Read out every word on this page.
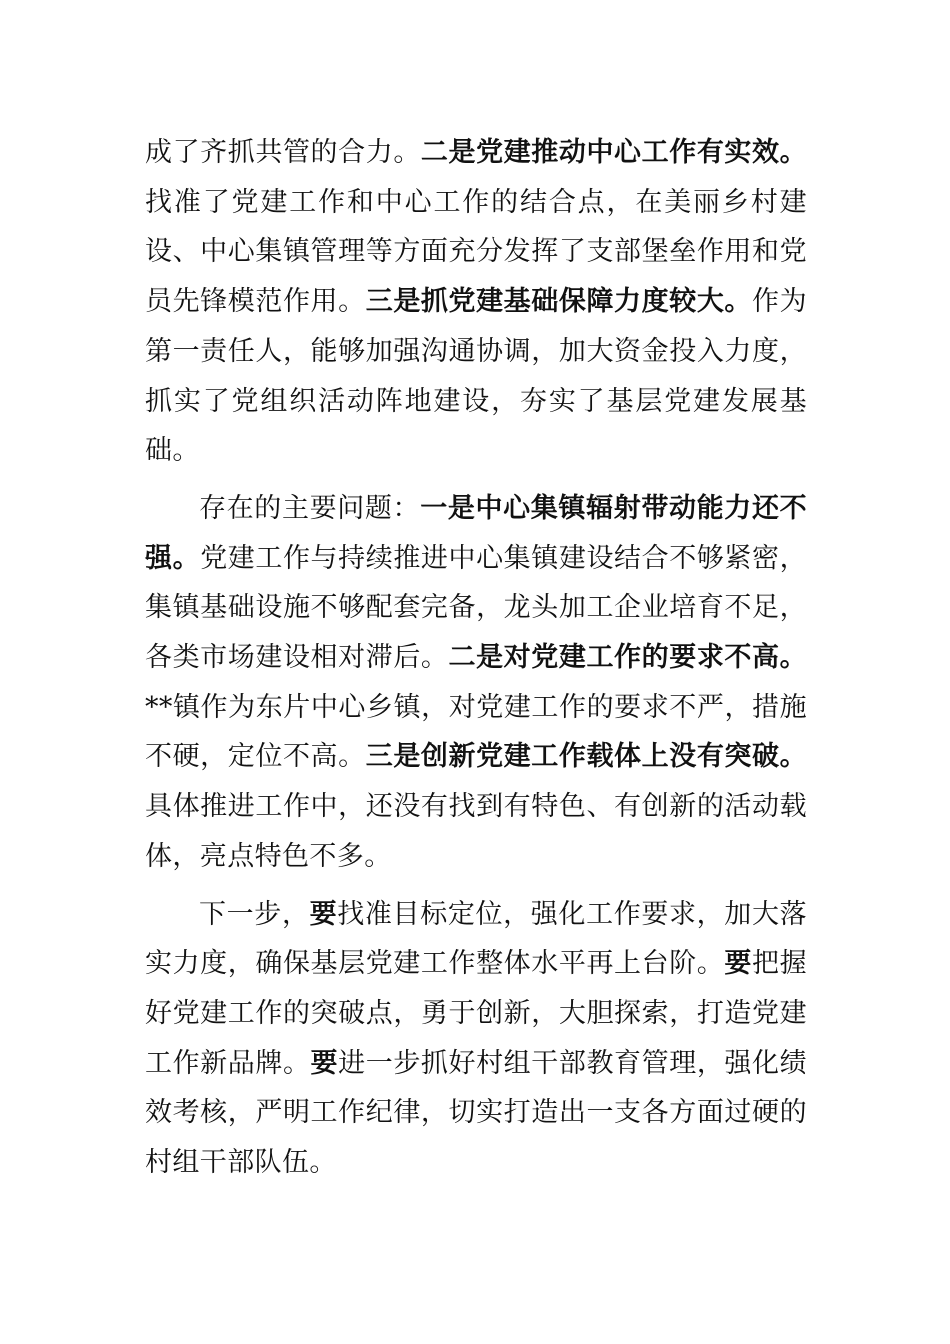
成了齐抓共管的合力。二是党建推动中心工作有实效。找准了党建工作和中心工作的结合点，在美丽乡村建设、中心集镇管理等方面充分发挥了支部堡垒作用和党员先锋模范作用。三是抓党建基础保障力度较大。作为第一责任人，能够加强沟通协调，加大资金投入力度，抓实了党组织活动阵地建设，夯实了基层党建发展基础。

存在的主要问题：一是中心集镇辐射带动能力还不强。党建工作与持续推进中心集镇建设结合不够紧密，集镇基础设施不够配套完备，龙头加工企业培育不足，各类市场建设相对滞后。二是对党建工作的要求不高。**镇作为东片中心乡镇，对党建工作的要求不严，措施不硬，定位不高。三是创新党建工作载体上没有突破。具体推进工作中，还没有找到有特色、有创新的活动载体，亮点特色不多。

下一步，要找准目标定位，强化工作要求，加大落实力度，确保基层党建工作整体水平再上台阶。要把握好党建工作的突破点，勇于创新，大胆探索，打造党建工作新品牌。要进一步抓好村组干部教育管理，强化绩效考核，严明工作纪律，切实打造出一支各方面过硬的村组干部队伍。
